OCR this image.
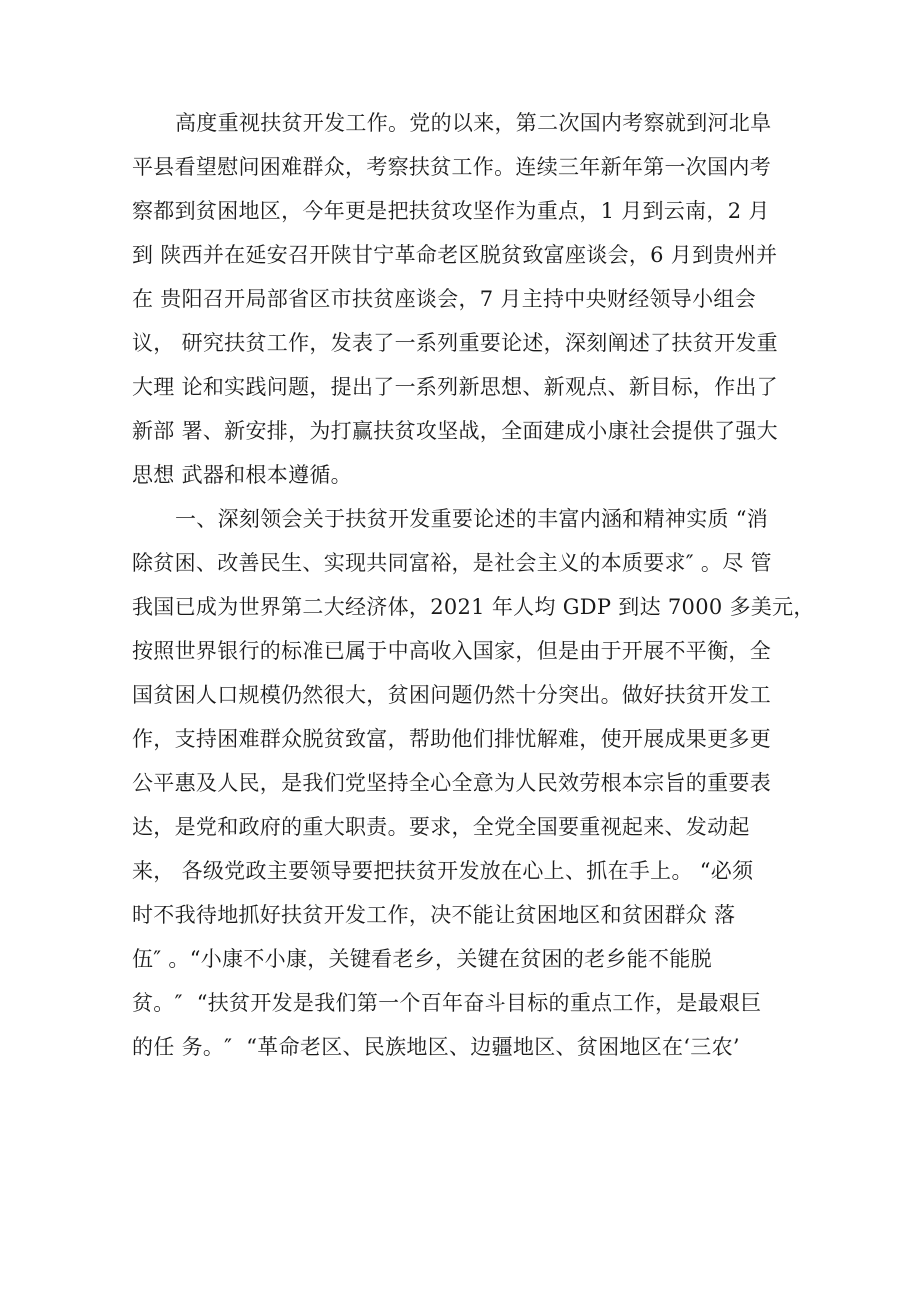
高度重视扶贫开发工作。党的以来，第二次国内考察就到河北阜
平县看望慰问困难群众，考察扶贫工作。连续三年新年第一次国内考
察都到贫困地区，今年更是把扶贫攻坚作为重点，1 月到云南，2 月
到 陕西并在延安召开陕甘宁革命老区脱贫致富座谈会，6 月到贵州并
在 贵阳召开局部省区市扶贫座谈会，7 月主持中央财经领导小组会
议， 研究扶贫工作，发表了一系列重要论述，深刻阐述了扶贫开发重
大理 论和实践问题，提出了一系列新思想、新观点、新目标，作出了
新部 署、新安排，为打赢扶贫攻坚战，全面建成小康社会提供了强大
思想 武器和根本遵循。
一、深刻领会关于扶贫开发重要论述的丰富内涵和精神实质 “消
除贫困、改善民生、实现共同富裕，是社会主义的本质要求″ 。尽 管
我国已成为世界第二大经济体，2021 年人均 GDP 到达 7000 多美元，
按照世界银行的标准已属于中高收入国家，但是由于开展不平衡，全
国贫困人口规模仍然很大，贫困问题仍然十分突出。做好扶贫开发工
作，支持困难群众脱贫致富，帮助他们排忧解难，使开展成果更多更
公平惠及人民，是我们党坚持全心全意为人民效劳根本宗旨的重要表
达，是党和政府的重大职责。要求，全党全国要重视起来、发动起
来， 各级党政主要领导要把扶贫开发放在心上、抓在手上。 “必须
时不我待地抓好扶贫开发工作，决不能让贫困地区和贫困群众 落
伍″ 。“小康不小康，关键看老乡，关键在贫困的老乡能不能脱
贫。″  “扶贫开发是我们第一个百年奋斗目标的重点工作，是最艰巨
的任 务。″  “革命老区、民族地区、边疆地区、贫困地区在‘三农’
